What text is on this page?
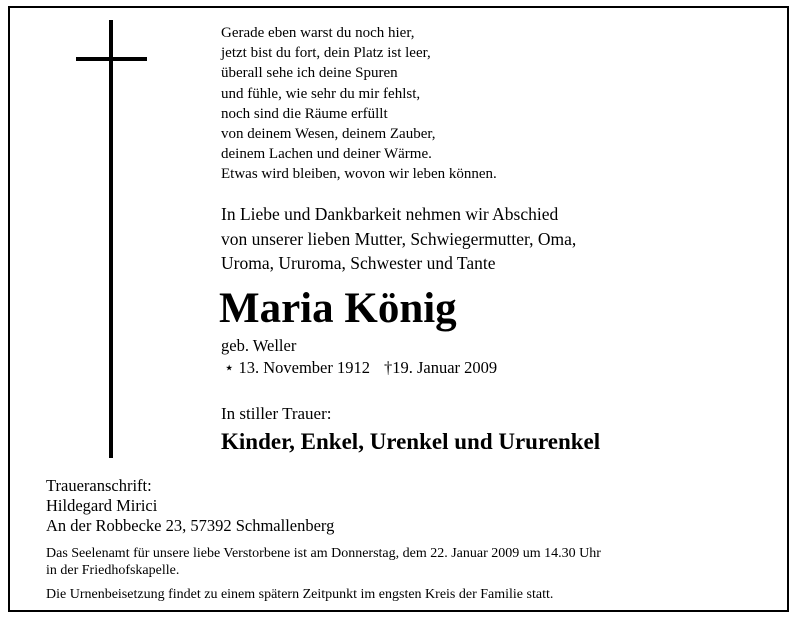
Gerade eben warst du noch hier,
jetzt bist du fort, dein Platz ist leer,
überall sehe ich deine Spuren
und fühle, wie sehr du mir fehlst,
noch sind die Räume erfüllt
von deinem Wesen, deinem Zauber,
deinem Lachen und deiner Wärme.
Etwas wird bleiben, wovon wir leben können.
In Liebe und Dankbarkeit nehmen wir Abschied
von unserer lieben Mutter, Schwiegermutter, Oma,
Uroma, Ururoma, Schwester und Tante
Maria König
geb. Weller
⋆ 13. November 1912 †19. Januar 2009
In stiller Trauer:
Kinder, Enkel, Urenkel und Ururenkel
Traueranschrift:
Hildegard Mirici
An der Robbecke 23, 57392 Schmallenberg
Das Seelenamt für unsere liebe Verstorbene ist am Donnerstag, dem 22. Januar 2009 um 14.30 Uhr
in der Friedhofskapelle.
Die Urnenbeisetzung findet zu einem spätern Zeitpunkt im engsten Kreis der Familie statt.
